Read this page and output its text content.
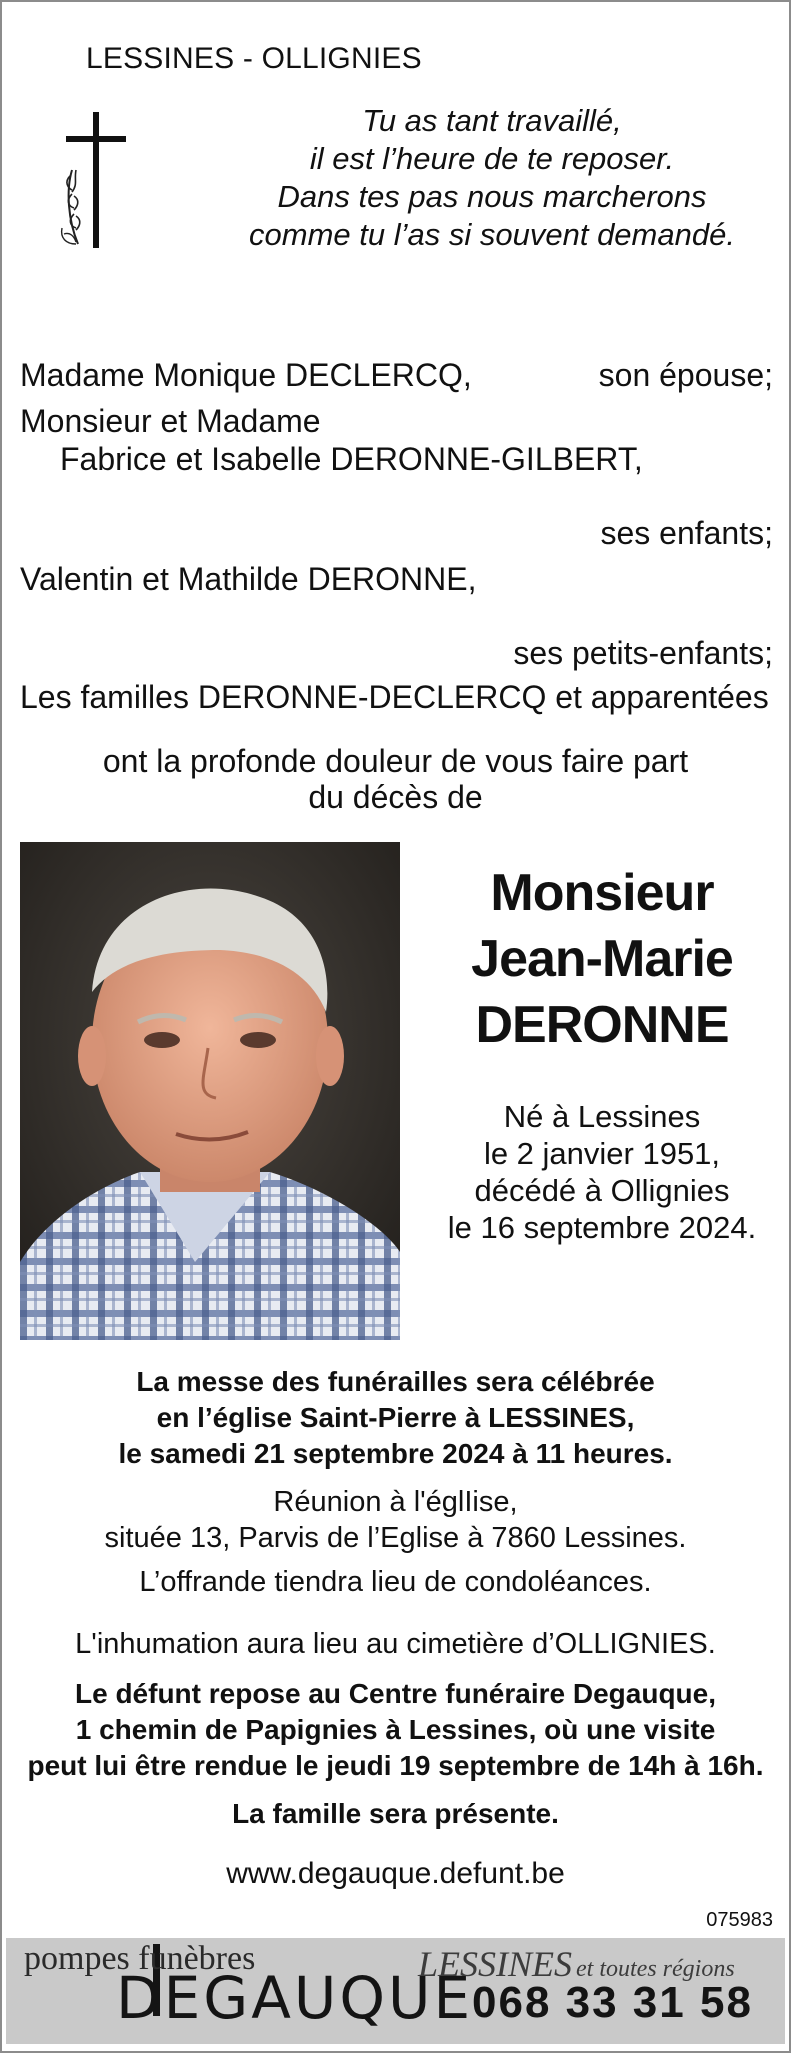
LESSINES - OLLIGNIES
Tu as tant travaillé,
il est l’heure de te reposer.
Dans tes pas nous marcherons
comme tu l’as si souvent demandé.
Madame Monique DECLERCQ,	son épouse;
Monsieur et Madame
Fabrice et Isabelle DERONNE-GILBERT,
ses enfants;
Valentin et Mathilde DERONNE,
ses petits-enfants;
Les familles DERONNE-DECLERCQ et apparentées
ont la profonde douleur de vous faire part
du décès de
Monsieur
Jean-Marie
DERONNE
Né à Lessines
le 2 janvier 1951,
décédé à Ollignies
le 16 septembre 2024.
La messe des funérailles sera célébrée
en l’église Saint-Pierre à LESSINES,
le samedi 21 septembre 2024 à 11 heures.
Réunion à l'églIise,
située 13, Parvis de l’Eglise à 7860 Lessines.
L’offrande tiendra lieu de condoléances.
L'inhumation aura lieu au cimetière d’OLLIGNIES.
Le défunt repose au Centre funéraire Degauque,
1 chemin de Papignies à Lessines, où une visite
peut lui être rendue le jeudi 19 septembre de 14h à 16h.
La famille sera présente.
www.degauque.defunt.be
075983
pompes funèbres
DEGAUQUE
LESSINES et toutes régions
068 33 31 58
